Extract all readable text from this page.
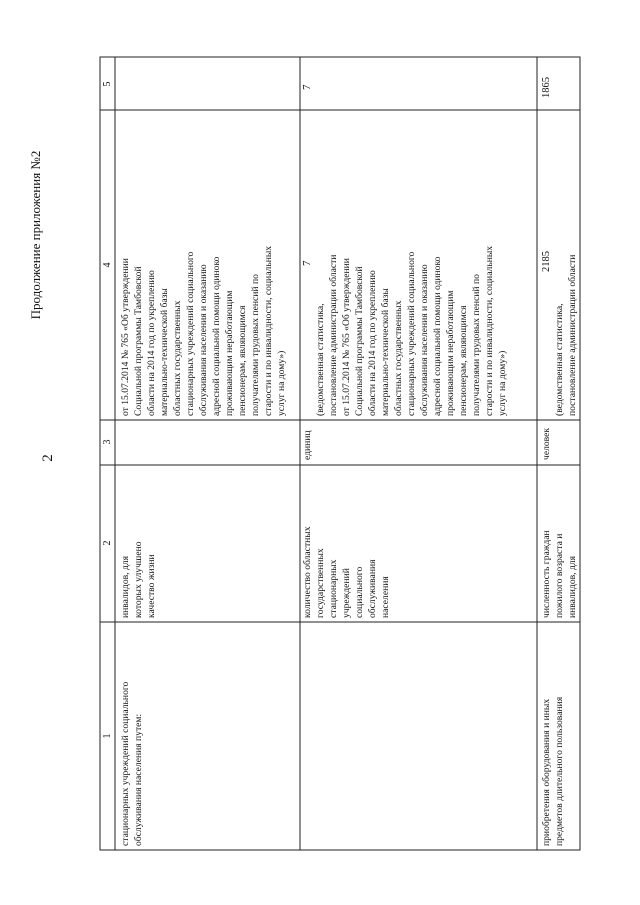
2
Продолжение приложения №2
1
2
3
4
5
стационарных учреждений социального обслуживания населения путем:
инвалидов, для которых улучшено качество жизни
от 15.07.2014 № 765 «Об утверждении Социальной программы Тамбовской области на 2014 год по укреплению материально-технической базы областных государственных стационарных учреждений социального обслуживания населения и оказанию адресной социальной помощи одиноко проживающим неработающим пенсионерам, являющимся получателями трудовых пенсий по старости и по инвалидности, социальных услуг на дому»)
количество областных государственных стационарных учреждений социального обслуживания населения
единиц
7
(ведомственная статистика, постановление администрации области от 15.07.2014 № 765 «Об утверждении Социальной программы Тамбовской области на 2014 год по укреплению материально-технической базы областных государственных стационарных учреждений социального обслуживания населения и оказанию адресной социальной помощи одиноко проживающим неработающим пенсионерам, являющимся получателями трудовых пенсий по старости и по инвалидности, социальных услуг на дому»)
7
приобретения оборудования и иных предметов длительного пользования
численность граждан пожилого возраста и инвалидов, для
человек
2185
(ведомственная статистика, постановление администрации области
1865
